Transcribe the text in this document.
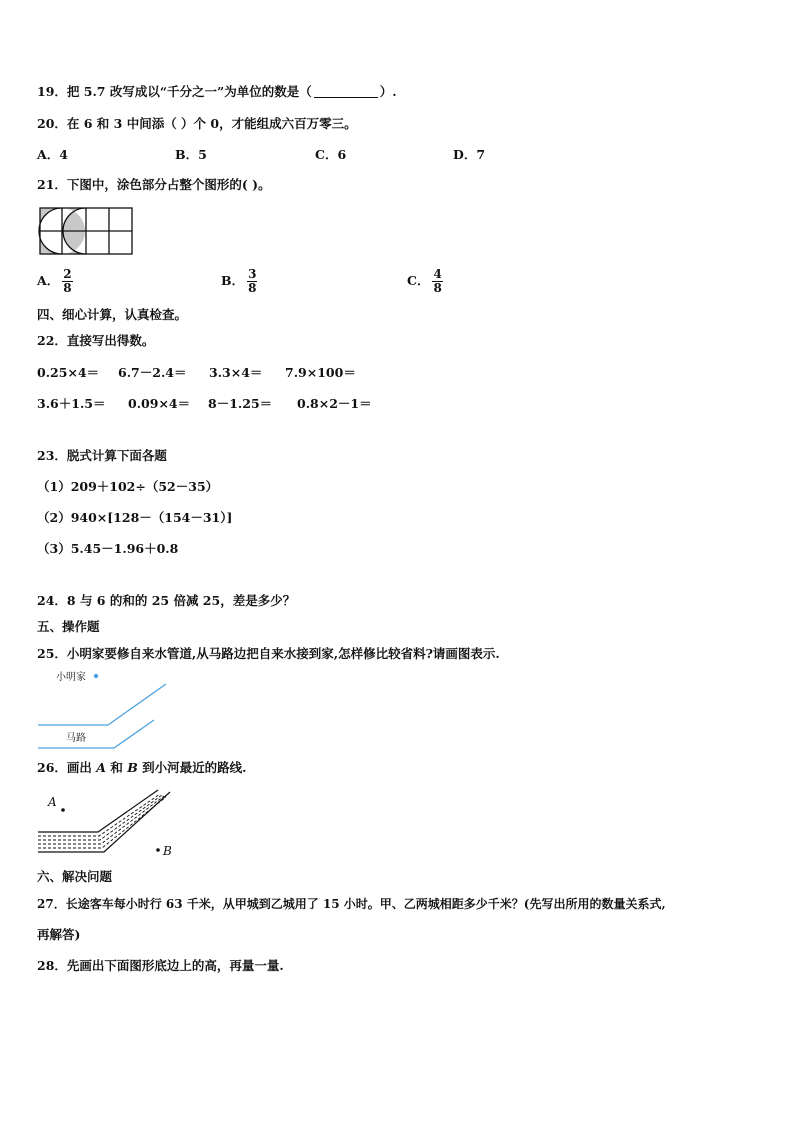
19．把 5.7 改写成以“千分之一”为单位的数是（	）.
20．在 6 和 3 中间添（ ）个 0，才能组成六百万零三。
A．4	B．5	C．6	D．7
21．下图中，涂色部分占整个图形的( )。
A． $\frac{2}{8}$	B． $\frac{3}{8}$	C． $\frac{4}{8}$
四、细心计算，认真检查。
22．直接写出得数。
0.25×4＝ 6.7－2.4＝ 3.3×4＝ 7.9×100＝
3.6＋1.5＝ 0.09×4＝ 8－1.25＝ 0.8×2－1＝
23．脱式计算下面各题
（1）209＋102÷（52－35）
（2）940×[128－（154－31）]
（3）5.45－1.96＋0.8
24．8 与 6 的和的 25 倍减 25，差是多少？
五、操作题
25．小明家要修自来水管道,从马路边把自来水接到家,怎样修比较省料?请画图表示.
小明家
马路
26．画出 A 和 B 到小河最近的路线.
A
B
六、解决问题
27．长途客车每小时行 63 千米，从甲城到乙城用了 15 小时。甲、乙两城相距多少千米？(先写出所用的数量关系式,
再解答)
28．先画出下面图形底边上的高，再量一量.
